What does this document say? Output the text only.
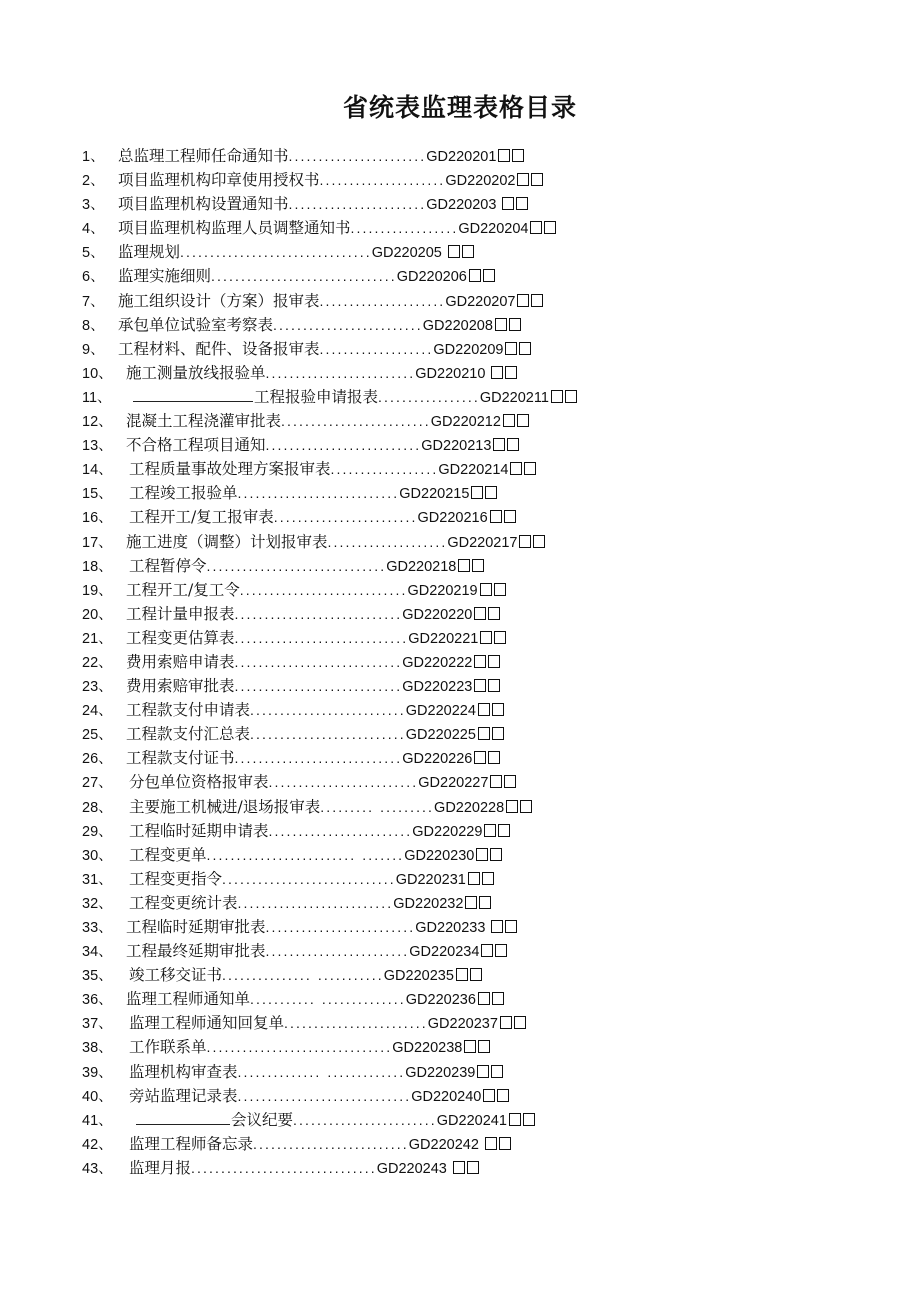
省统表监理表格目录
1、 总监理工程师任命通知书.......................GD220201
2、 项目监理机构印章使用授权书.....................GD220202
3、 项目监理机构设置通知书.......................GD220203
4、 项目监理机构监理人员调整通知书..................GD220204
5、 监理规划................................GD220205
6、 监理实施细则...............................GD220206
7、 施工组织设计（方案）报审表.....................GD220207
8、 承包单位试验室考察表.........................GD220208
9、 工程材料、配件、设备报审表...................GD220209
10、 施工测量放线报验单.........................GD220210
11、	工程报验申请报表.................GD220211
12、 混凝土工程浇灌审批表.........................GD220212
13、 不合格工程项目通知..........................GD220213
14、 工程质量事故处理方案报审表..................GD220214
15、 工程竣工报验单...........................GD220215
16、 工程开工/复工报审表........................GD220216
17、 施工进度（调整）计划报审表....................GD220217
18、 工程暂停令..............................GD220218
19、 工程开工/复工令............................GD220219
20、 工程计量申报表............................GD220220
21、 工程变更估算表.............................GD220221
22、 费用索赔申请表............................GD220222
23、 费用索赔审批表............................GD220223
24、 工程款支付申请表..........................GD220224
25、 工程款支付汇总表..........................GD220225
26、 工程款支付证书............................GD220226
27、 分包单位资格报审表.........................GD220227
28、 主要施工机械进/退场报审表......... .........GD220228
29、 工程临时延期申请表........................GD220229
30、 工程变更单......................... .......GD220230
31、 工程变更指令.............................GD220231
32、 工程变更统计表..........................GD220232
33、 工程临时延期审批表.........................GD220233
34、 工程最终延期审批表........................GD220234
35、 竣工移交证书............... ...........GD220235
36、 监理工程师通知单........... ..............GD220236
37、 监理工程师通知回复单........................GD220237
38、 工作联系单...............................GD220238
39、 监理机构审查表.............. .............GD220239
40、 旁站监理记录表.............................GD220240
41、	会议纪要........................GD220241
42、 监理工程师备忘录..........................GD220242
43、 监理月报...............................GD220243
